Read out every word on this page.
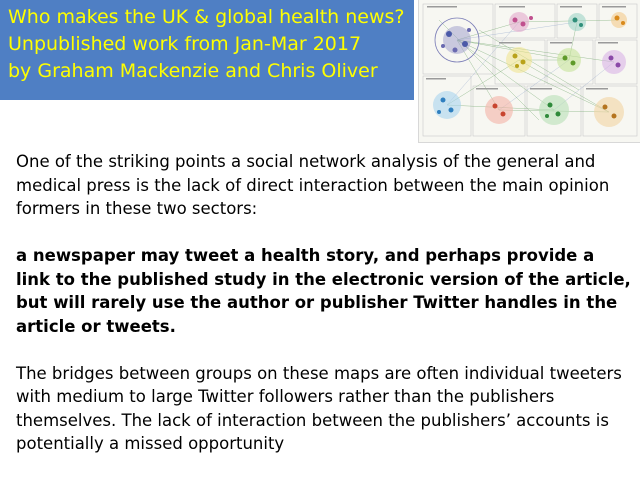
Who makes the UK & global health news?
Unpublished work from Jan-Mar 2017
by Graham Mackenzie and Chris Oliver

One of the striking points a social network analysis of the general and medical press is the lack of direct interaction between the main opinion formers in these two sectors:

a newspaper may tweet a health story, and perhaps provide a link to the published study in the electronic version of the article, but will rarely use the author or publisher Twitter handles in the article or tweets.

The bridges between groups on these maps are often individual tweeters with medium to large Twitter followers rather than the publishers themselves. The lack of interaction between the publishers’ accounts is potentially a missed opportunity
